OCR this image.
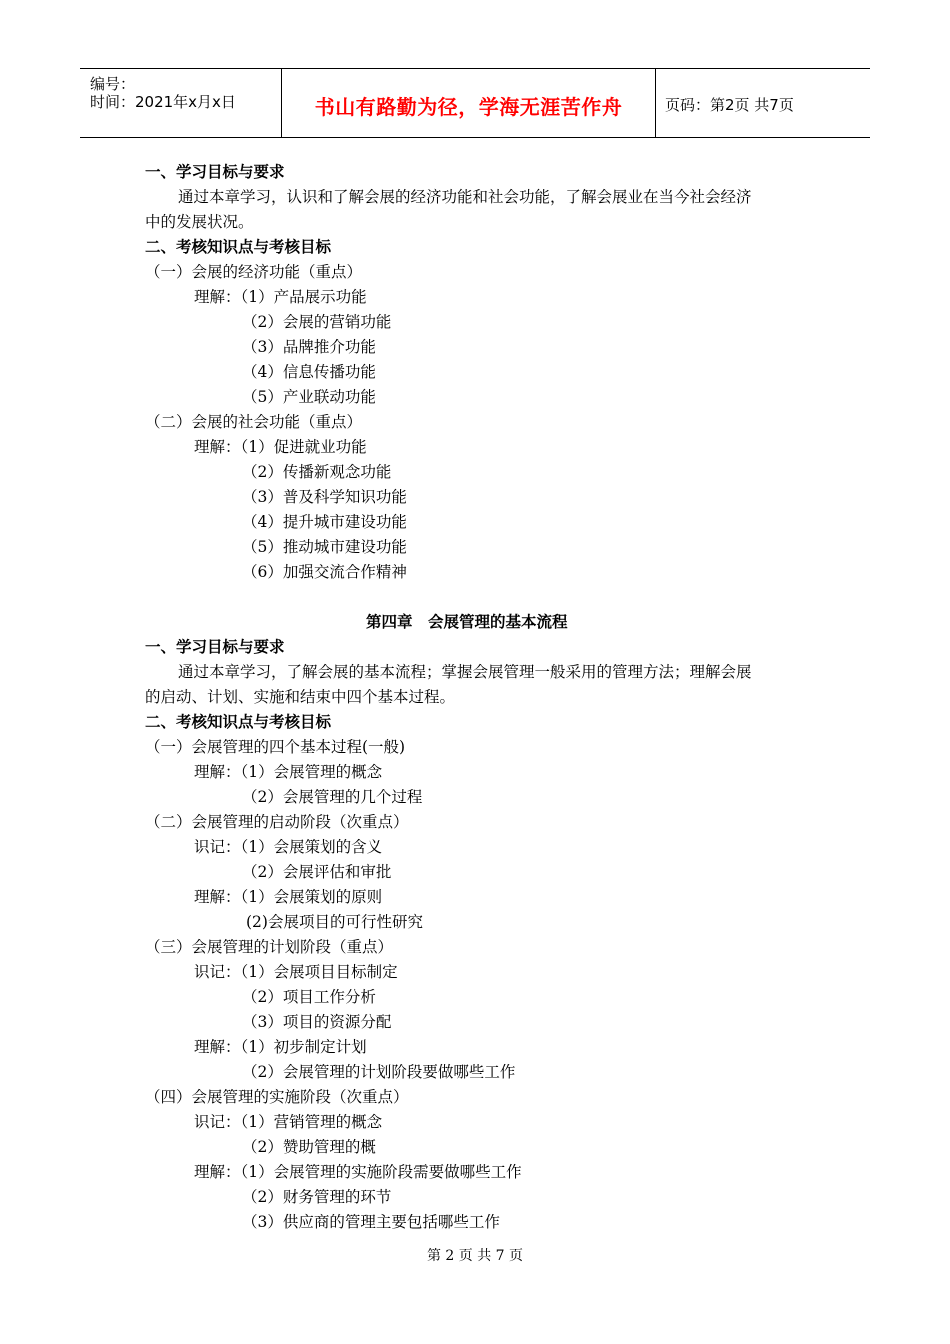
编号：
时间：2021年x月x日	书山有路勤为径，学海无涯苦作舟	页码：第2页 共7页
一、学习目标与要求
通过本章学习，认识和了解会展的经济功能和社会功能，了解会展业在当今社会经济
中的发展状况。
二、考核知识点与考核目标
（一）会展的经济功能（重点）
理解：（1）产品展示功能
（2）会展的营销功能
（3）品牌推介功能
（4）信息传播功能
（5）产业联动功能
（二）会展的社会功能（重点）
理解：（1）促进就业功能
（2）传播新观念功能
（3）普及科学知识功能
（4）提升城市建设功能
（5）推动城市建设功能
（6）加强交流合作精神
第四章　会展管理的基本流程
一、学习目标与要求
通过本章学习，了解会展的基本流程；掌握会展管理一般采用的管理方法；理解会展
的启动、计划、实施和结束中四个基本过程。
二、考核知识点与考核目标
（一）会展管理的四个基本过程(一般)
理解：（1）会展管理的概念
（2）会展管理的几个过程
（二）会展管理的启动阶段（次重点）
识记：（1）会展策划的含义
（2）会展评估和审批
理解：（1）会展策划的原则
(2)会展项目的可行性研究
（三）会展管理的计划阶段（重点）
识记：（1）会展项目目标制定
（2）项目工作分析
（3）项目的资源分配
理解：（1）初步制定计划
（2）会展管理的计划阶段要做哪些工作
（四）会展管理的实施阶段（次重点）
识记：（1）营销管理的概念
（2）赞助管理的概
理解：（1）会展管理的实施阶段需要做哪些工作
（2）财务管理的环节
（3）供应商的管理主要包括哪些工作
第 2 页 共 7 页
